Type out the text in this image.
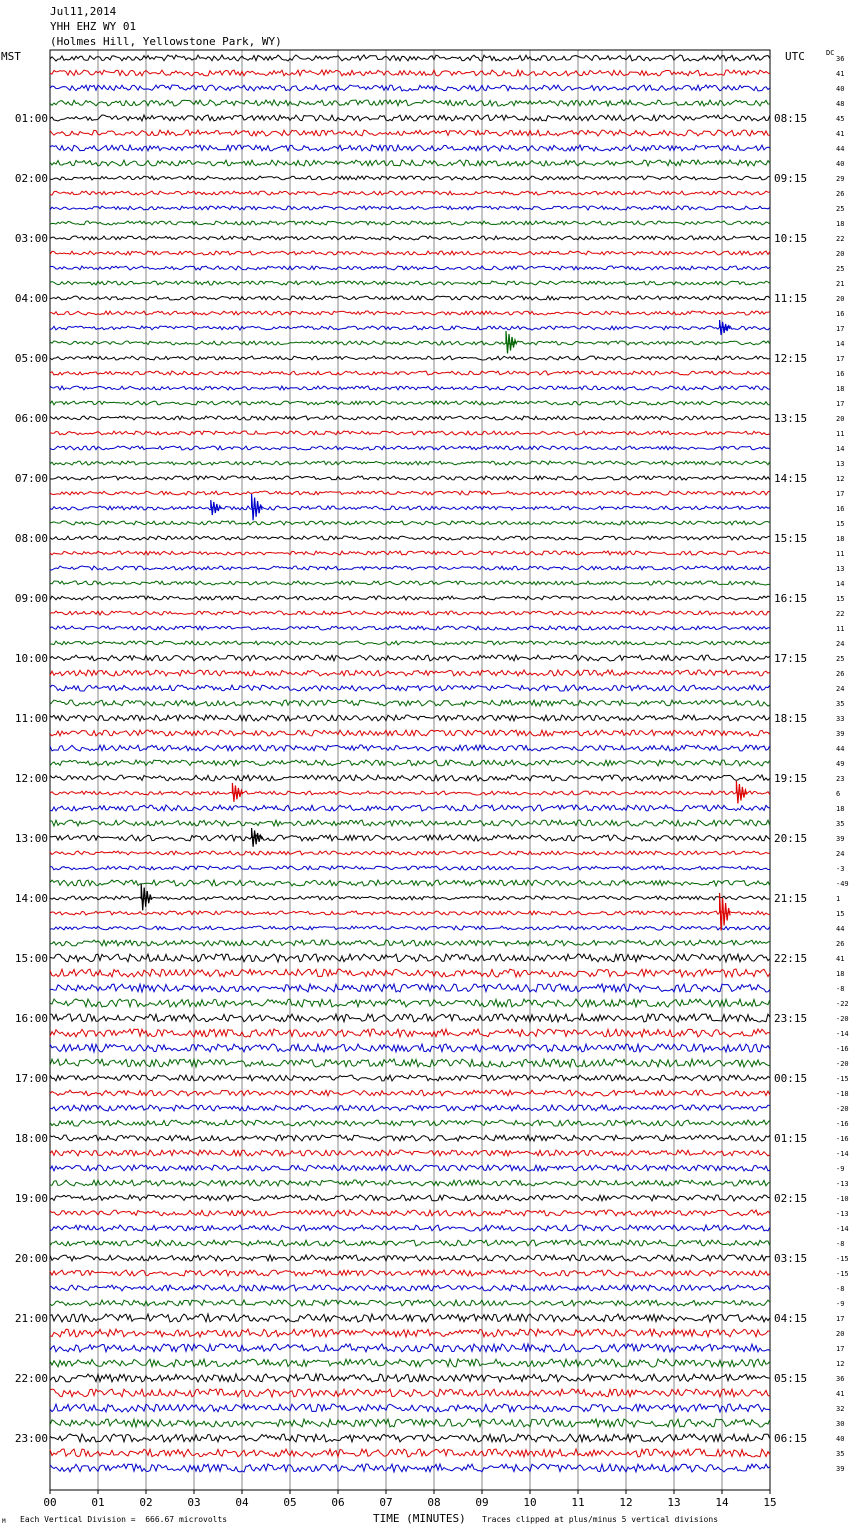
Jul11,2014
YHH EHZ WY 01
(Holmes Hill, Yellowstone Park, WY)
MST	UTC	DC
36
41
40
48
45
01:00	08:15
41
44
40
29
02:00	09:15
26
25
18
22
03:00	10:15
20
25
21
20
04:00	11:15
16
17
14
17
05:00	12:15
16
18
17
20
06:00	13:15
11
14
13
12
07:00	14:15
17
16
15
18
08:00	15:15
11
13
14
15
09:00	16:15
22
11
24
25
10:00	17:15
26
24
35
33
11:00	18:15
39
44
49
23
12:00	19:15
6
18
35
39
13:00	20:15
24
-3
-49
1
14:00	21:15
15
44
26
41
15:00	22:15
18
-8
-22
-20
16:00	23:15
-14
-16
-20
-15
17:00	00:15
-18
-20
-16
-16
18:00	01:15
-14
-9
-13
-10
19:00	02:15
-13
-14
-8
-15
20:00	03:15
-15
-8
-9
17
21:00	04:15
20
17
12
36
22:00	05:15
41
32
30
40
23:00	06:15
35
39
00	01	02	03	04	05	06	07	08	09	10	11	12	13	14	15
M Each Vertical Division =  666.67 microvolts	TIME (MINUTES) Traces clipped at plus/minus 5 vertical divisions
